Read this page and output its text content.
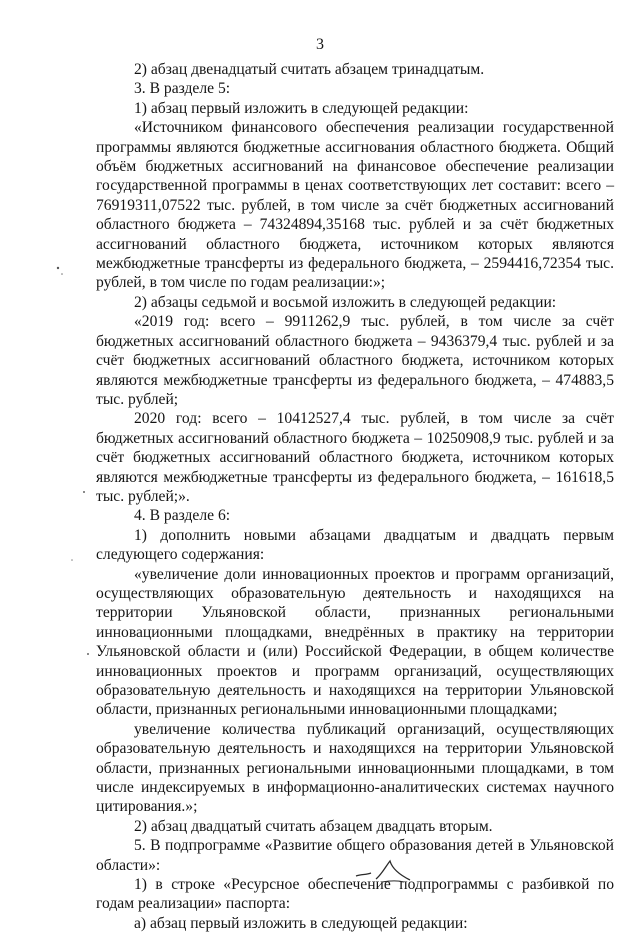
3

2) абзац двенадцатый считать абзацем тринадцатым.

3. В разделе 5:

1) абзац первый изложить в следующей редакции:

«Источником финансового обеспечения реализации государственной программы являются бюджетные ассигнования областного бюджета. Общий объём бюджетных ассигнований на финансовое обеспечение реализации государственной программы в ценах соответствующих лет составит: всего – 76919311,07522 тыс. рублей, в том числе за счёт бюджетных ассигнований областного бюджета – 74324894,35168 тыс. рублей и за счёт бюджетных ассигнований областного бюджета, источником которых являются межбюджетные трансферты из федерального бюджета, – 2594416,72354 тыс. рублей, в том числе по годам реализации:»;

2) абзацы седьмой и восьмой изложить в следующей редакции:

«2019 год: всего – 9911262,9 тыс. рублей, в том числе за счёт бюджетных ассигнований областного бюджета – 9436379,4 тыс. рублей и за счёт бюджетных ассигнований областного бюджета, источником которых являются межбюджетные трансферты из федерального бюджета, – 474883,5 тыс. рублей;

2020 год: всего – 10412527,4 тыс. рублей, в том числе за счёт бюджетных ассигнований областного бюджета – 10250908,9 тыс. рублей и за счёт бюджетных ассигнований областного бюджета, источником которых являются межбюджетные трансферты из федерального бюджета, – 161618,5 тыс. рублей;».

4. В разделе 6:

1) дополнить новыми абзацами двадцатым и двадцать первым следующего содержания:

«увеличение доли инновационных проектов и программ организаций, осуществляющих образовательную деятельность и находящихся на территории Ульяновской области, признанных региональными инновационными площадками, внедрённых в практику на территории Ульяновской области и (или) Российской Федерации, в общем количестве инновационных проектов и программ организаций, осуществляющих образовательную деятельность и находящихся на территории Ульяновской области, признанных региональными инновационными площадками;

увеличение количества публикаций организаций, осуществляющих образовательную деятельность и находящихся на территории Ульяновской области, признанных региональными инновационными площадками, в том числе индексируемых в информационно-аналитических системах научного цитирования.»;

2) абзац двадцатый считать абзацем двадцать вторым.

5. В подпрограмме «Развитие общего образования детей в Ульяновской области»:

1) в строке «Ресурсное обеспечение подпрограммы с разбивкой по годам реализации» паспорта:

а) абзац первый изложить в следующей редакции:
